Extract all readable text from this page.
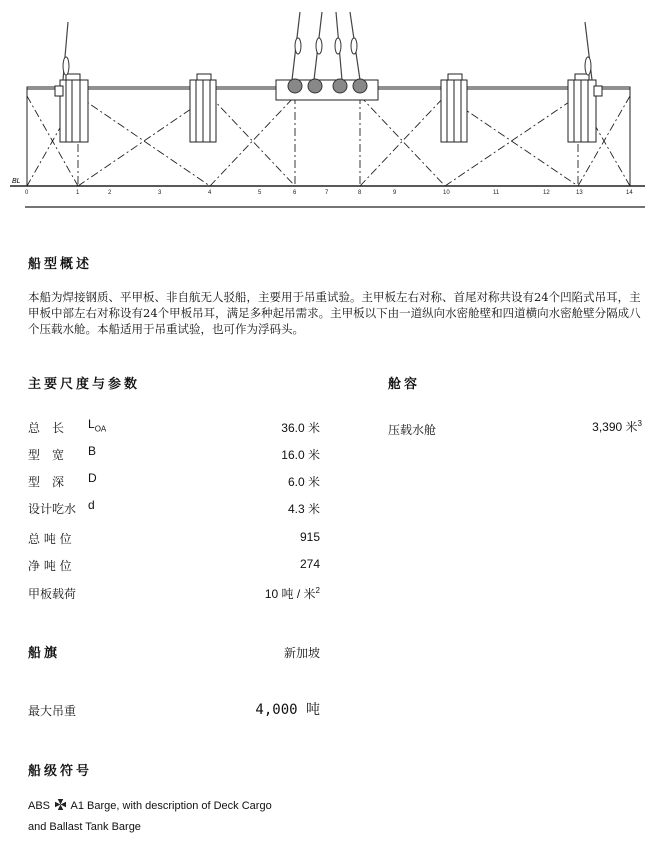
BL
0	1	2	3	4	5	6	7	8	9	10	11	12	13	14
船型概述
本船为焊接钢质、平甲板、非自航无人驳船，主要用于吊重试验。主甲板左右对称、首尾对称共设有24个凹陷式吊耳，主甲板中部左右对称设有24个甲板吊耳，满足多种起吊需求。主甲板以下由一道纵向水密舱壁和四道横向水密舱壁分隔成八个压载水舱。本船适用于吊重试验，也可作为浮码头。
主要尺度与参数
总　长 $L_{OA}$	36.0 米
型　宽 B	16.0 米
型　深 D	6.0 米
设计吃水 d	4.3 米
总 吨 位	915
净 吨 位	274
甲板载荷	10 吨 / 米$^2$
舱容
压载水舱	3,390 米$^3$
船旗	新加坡
最大吊重	4,000 吨
船级符号
ABS A1 Barge, with description of Deck Cargo
and Ballast Tank Barge
